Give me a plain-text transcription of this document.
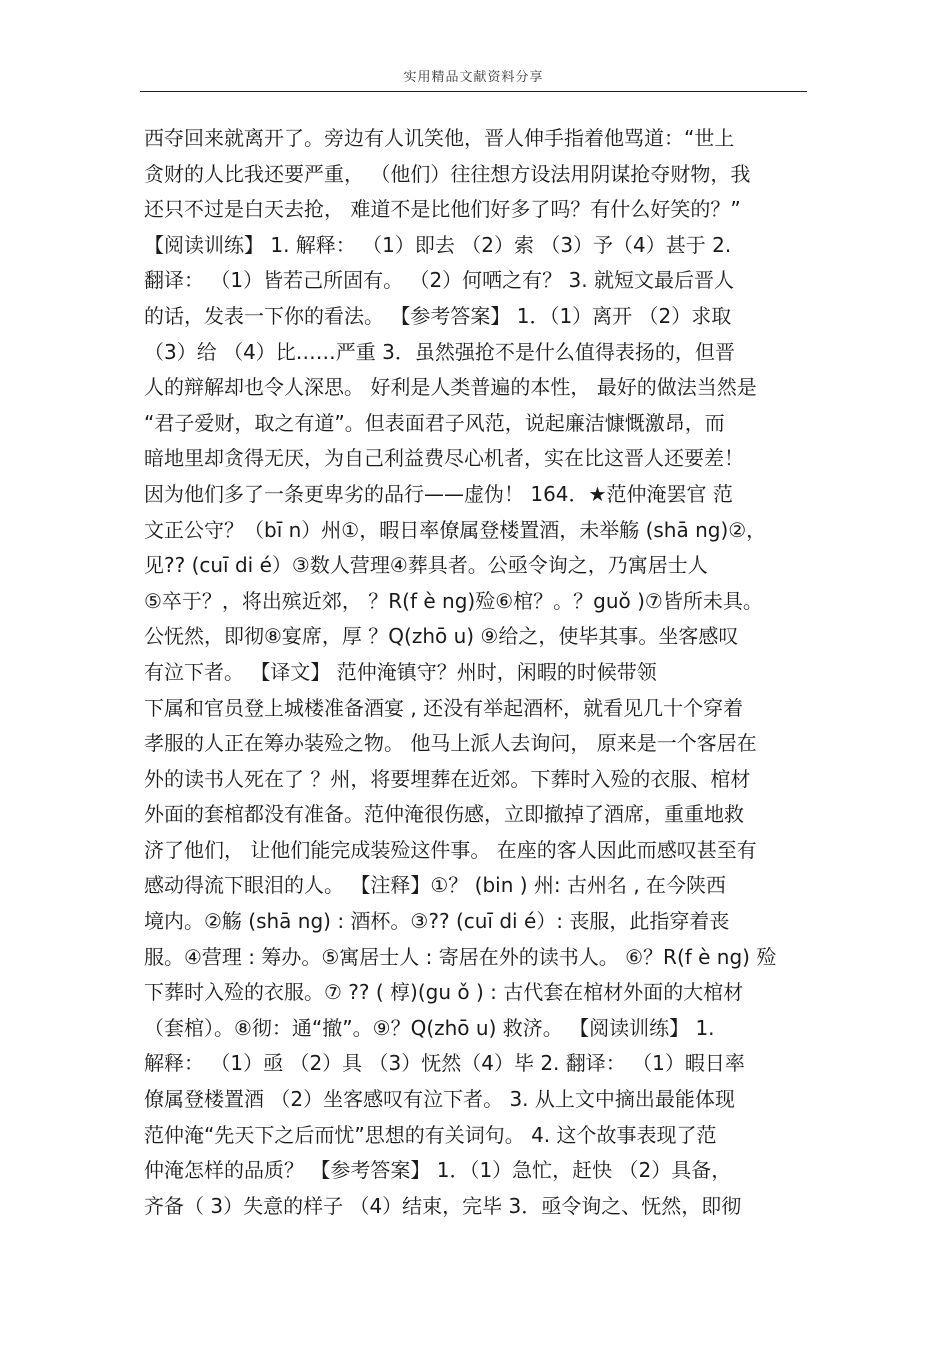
实用精品文献资料分享
西夺回来就离开了。旁边有人讥笑他，晋人伸手指着他骂道：“世上
贪财的人比我还要严重， （他们）往往想方设法用阴谋抢夺财物，我
还只不过是白天去抢， 难道不是比他们好多了吗？有什么好笑的？”
【阅读训练】 1. 解释： （1）即去 （2）索 （3）予（4）甚于 2.
翻译： （1）皆若己所固有。 （2）何哂之有？ 3. 就短文最后晋人
的话，发表一下你的看法。 【参考答案】 1．（1）离开 （2）求取
（3）给 （4）比……严重 3．虽然强抢不是什么值得表扬的，但晋
人的辩解却也令人深思。 好利是人类普遍的本性， 最好的做法当然是
“君子爱财，取之有道”。但表面君子风范，说起廉洁慷慨激昂，而
暗地里却贪得无厌，为自己利益费尽心机者，实在比这晋人还要差！
因为他们多了一条更卑劣的品行——虚伪！ 164．★范仲淹罢官 范
文正公守？（bī n）州①，暇日率僚属登楼置酒，未举觞 (shā ng)②，
见?? (cuī di é）③数人营理④葬具者。公亟令询之，乃寓居士人
⑤卒于？，将出殡近郊， ？R(f è ng)殓⑥棺？。？guǒ )⑦皆所未具。
公怃然，即彻⑧宴席，厚 ？Q(zhō u) ⑨给之，使毕其事。坐客感叹
有泣下者。 【译文】 范仲淹镇守？州时，闲暇的时候带领
下属和官员登上城楼准备酒宴 , 还没有举起酒杯，就看见几十个穿着
孝服的人正在筹办装殓之物。 他马上派人去询问， 原来是一个客居在
外的读书人死在了 ？州，将要埋葬在近郊。下葬时入殓的衣服、棺材
外面的套棺都没有准备。范仲淹很伤感，立即撤掉了酒席，重重地救
济了他们， 让他们能完成装殓这件事。 在座的客人因此而感叹甚至有
感动得流下眼泪的人。 【注释】①？ (bin ) 州: 古州名 , 在今陕西
境内。②觞 (shā ng) : 酒杯。③?? (cuī di é）: 丧服，此指穿着丧
服。④营理 : 筹办。⑤寓居士人 : 寄居在外的读书人。 ⑥？R(f è ng) 殓
下葬时入殓的衣服。⑦ ?? ( 椁)(gu ǒ ) : 古代套在棺材外面的大棺材
（套棺）。⑧彻：通“撤”。⑨？Q(zhō u) 救济。 【阅读训练】 1.
解释： （1）亟 （2）具 （3）怃然（4）毕 2. 翻译： （1）暇日率
僚属登楼置酒 （2）坐客感叹有泣下者。 3. 从上文中摘出最能体现
范仲淹“先天下之后而忧”思想的有关词句。 4. 这个故事表现了范
仲淹怎样的品质？ 【参考答案】 1．（1）急忙，赶快 （2）具备，
齐备（ 3）失意的样子 （4）结束，完毕 3．亟令询之、怃然，即彻
